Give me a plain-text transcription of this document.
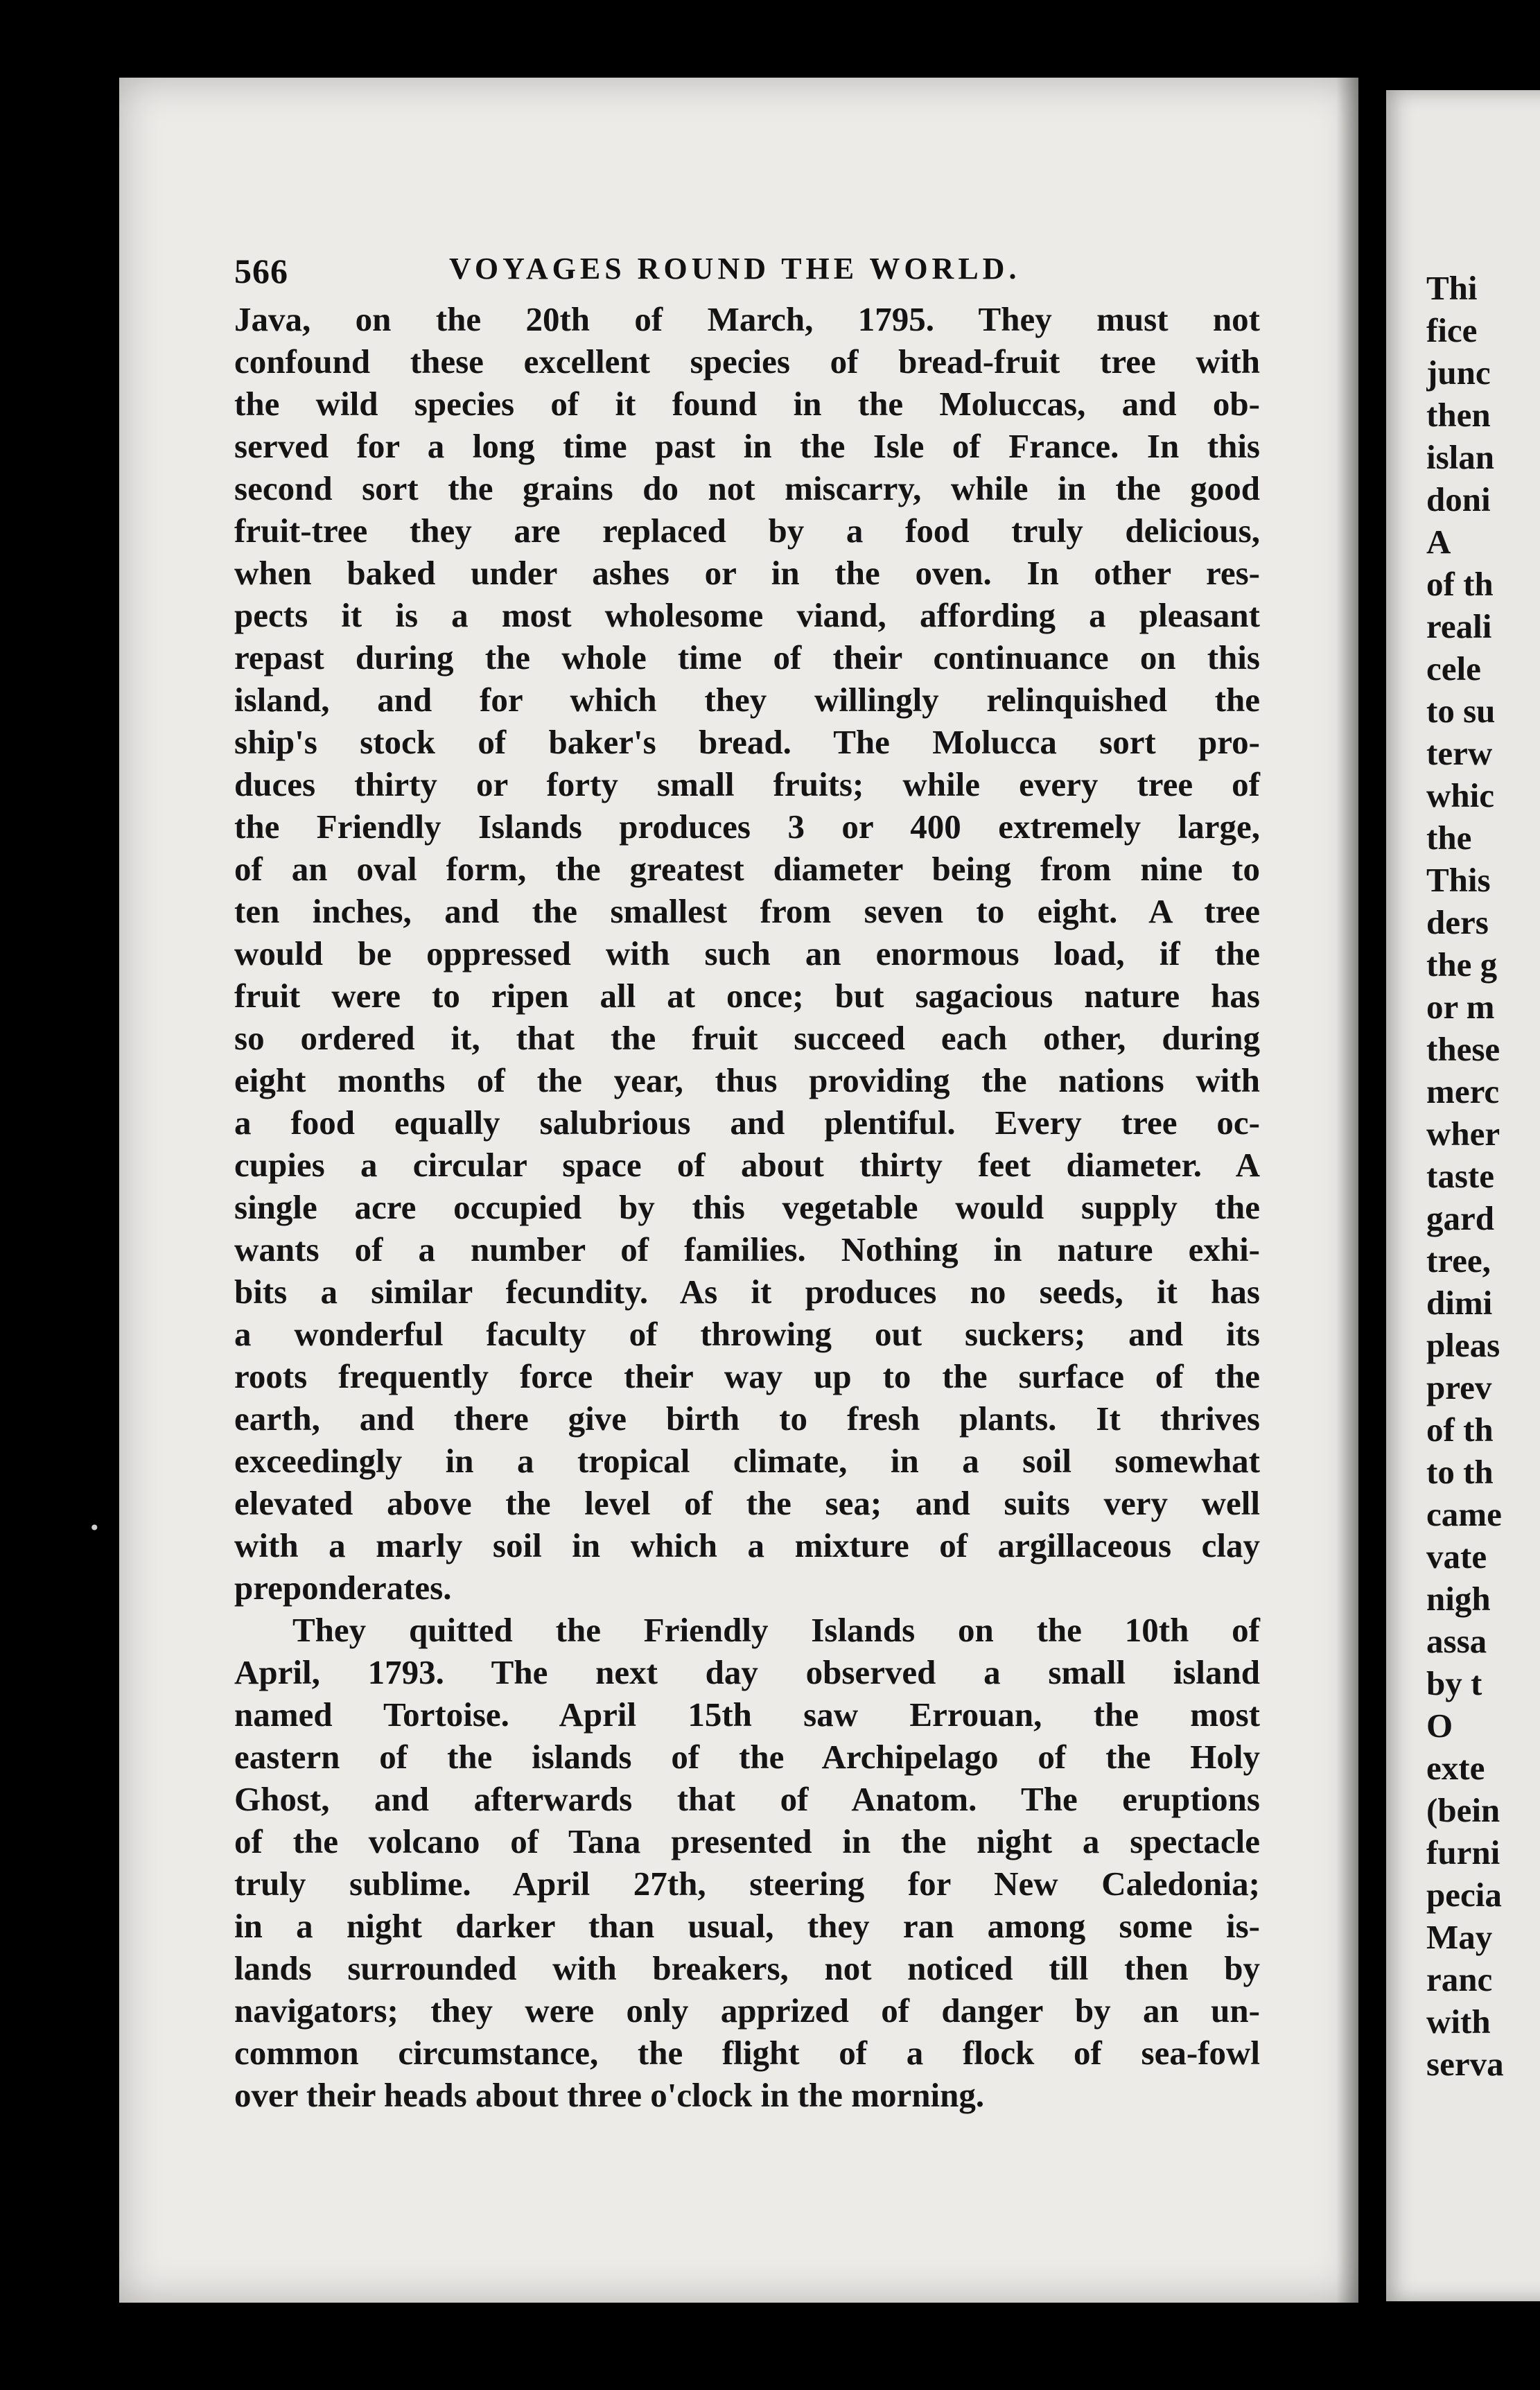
•
566	VOYAGES ROUND THE WORLD.
Java, on the 20th of March, 1795. They must not
confound these excellent species of bread-fruit tree with
the wild species of it found in the Moluccas, and ob-
served for a long time past in the Isle of France. In this
second sort the grains do not miscarry, while in the good
fruit-tree they are replaced by a food truly delicious,
when baked under ashes or in the oven. In other res-
pects it is a most wholesome viand, affording a pleasant
repast during the whole time of their continuance on this
island, and for which they willingly relinquished the
ship's stock of baker's bread. The Molucca sort pro-
duces thirty or forty small fruits; while every tree of
the Friendly Islands produces 3 or 400 extremely large,
of an oval form, the greatest diameter being from nine to
ten inches, and the smallest from seven to eight. A tree
would be oppressed with such an enormous load, if the
fruit were to ripen all at once; but sagacious nature has
so ordered it, that the fruit succeed each other, during
eight months of the year, thus providing the nations with
a food equally salubrious and plentiful. Every tree oc-
cupies a circular space of about thirty feet diameter. A
single acre occupied by this vegetable would supply the
wants of a number of families. Nothing in nature exhi-
bits a similar fecundity. As it produces no seeds, it has
a wonderful faculty of throwing out suckers; and its
roots frequently force their way up to the surface of the
earth, and there give birth to fresh plants. It thrives
exceedingly in a tropical climate, in a soil somewhat
elevated above the level of the sea; and suits very well
with a marly soil in which a mixture of argillaceous clay
preponderates.
They quitted the Friendly Islands on the 10th of
April, 1793. The next day observed a small island
named Tortoise. April 15th saw Errouan, the most
eastern of the islands of the Archipelago of the Holy
Ghost, and afterwards that of Anatom. The eruptions
of the volcano of Tana presented in the night a spectacle
truly sublime. April 27th, steering for New Caledonia;
in a night darker than usual, they ran among some is-
lands surrounded with breakers, not noticed till then by
navigators; they were only apprized of danger by an un-
common circumstance, the flight of a flock of sea-fowl
over their heads about three o'clock in the morning.
Thi
fice
junc
then
islan
doni
A
of th
reali
cele
to su
terw
whic
the
This
ders
the g
or m
these
merc
wher
taste
gard
tree,
dimi
pleas
prev
of th
to th
came
vate
nigh
assa
by t
O
exte
(bein
furni
pecia
May
ranc
with
serva
